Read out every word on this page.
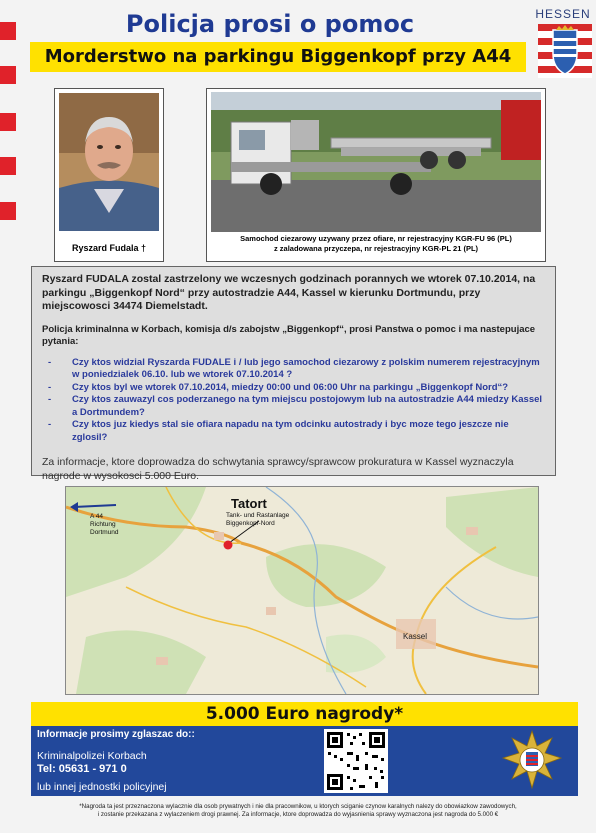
Policja prosi o pomoc
Morderstwo na parkingu Biggenkopf przy A44
HESSEN
Ryszard Fudala †
Samochod ciezarowy uzywany przez ofiare, nr rejestracyjny KGR-FU 96 (PL)
z zaladowana przyczepa, nr rejestracyjny KGR-PL 21 (PL)

Ryszard FUDALA zostal zastrzelony we wczesnych godzinach porannych we wtorek 07.10.2014, na parkingu „Biggenkopf Nord“ przy autostradzie A44, Kassel w kierunku Dortmundu, przy miejscowosci 34474 Diemelstadt.

Policja kriminalnna w Korbach, komisja d/s zabojstw „Biggenkopf“, prosi Panstwa o pomoc i ma nastepujace pytania:

- Czy ktos widzial Ryszarda FUDALE i / lub jego samochod ciezarowy z polskim numerem rejestracyjnym w poniedzialek 06.10. lub we wtorek 07.10.2014 ?
- Czy ktos byl we wtorek 07.10.2014, miedzy 00:00 und 06:00 Uhr na parkingu „Biggenkopf Nord“?
- Czy ktos zauwazyl cos poderzanego na tym miejscu postojowym lub na autostradzie A44 miedzy Kassel a Dortmundem?
- Czy ktos juz kiedys stal sie ofiara napadu na tym odcinku autostrady i byc moze tego jeszcze nie zglosil?

Za informacje, ktore doprowadza do schwytania sprawcy/sprawcow prokuratura w Kassel wyznaczyla nagrode w wysokosci 5.000 Euro.

Tatort
Tank- und Rastanlage
Biggenkopf-Nord
A 44
Richtung
Dortmund
Kassel
5.000 Euro nagrody*
Informacje prosimy zglaszac do::
Kriminalpolizei Korbach
Tel: 05631 - 971 0
lub innej jednostki policyjnej
*Nagroda ta jest przeznaczona wylacznie dla osob prywatnych i nie dla pracownikow, u ktorych sciganie czynow karalnych nalezy do obowiazkow zawodowych,
i zostanie przekazana z wylaczeniem drogi prawnej. Za informacje, ktore doprowadza do wyjasnienia sprawy wyznaczona jest nagroda do 5.000 €
